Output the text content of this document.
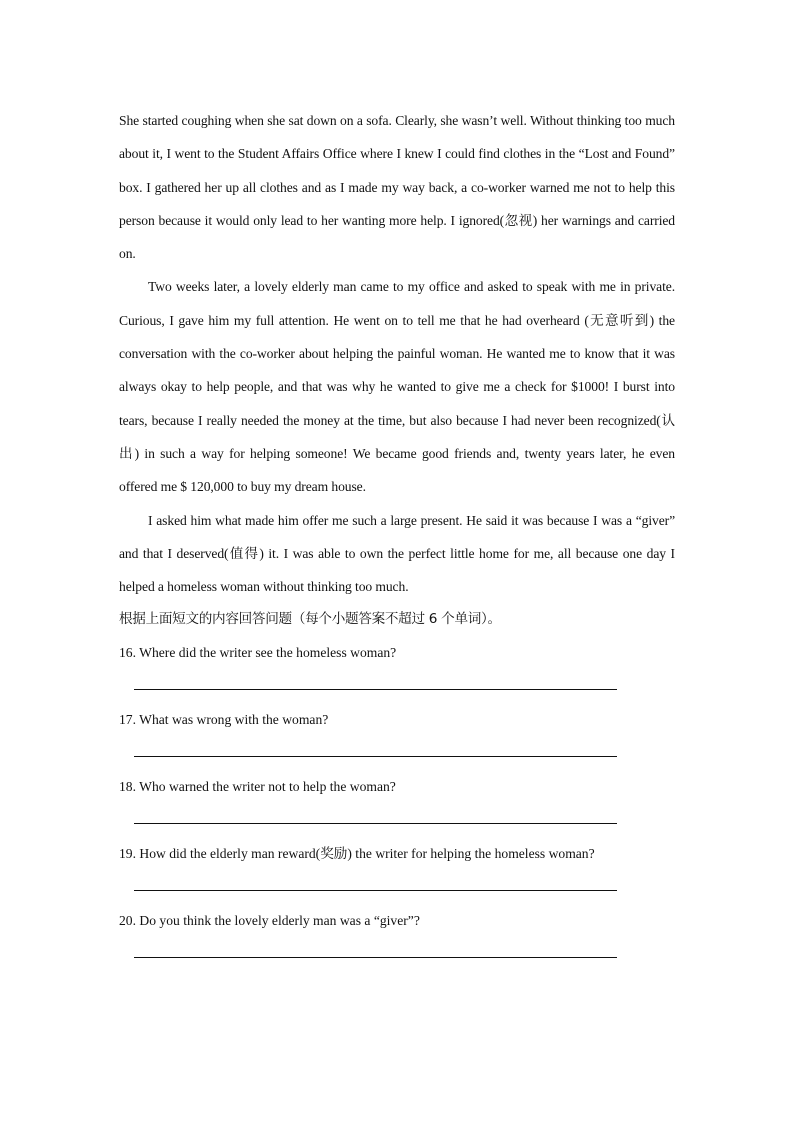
She started coughing when she sat down on a sofa. Clearly, she wasn’t well. Without thinking too much about it, I went to the Student Affairs Office where I knew I could find clothes in the “Lost and Found” box. I gathered her up all clothes and as I made my way back, a co-worker warned me not to help this person because it would only lead to her wanting more help. I ignored(忽视) her warnings and carried on.

Two weeks later, a lovely elderly man came to my office and asked to speak with me in private. Curious, I gave him my full attention. He went on to tell me that he had overheard (无意听到) the conversation with the co-worker about helping the painful woman. He wanted me to know that it was always okay to help people, and that was why he wanted to give me a check for $1000! I burst into tears, because I really needed the money at the time, but also because I had never been recognized(认出) in such a way for helping someone! We became good friends and, twenty years later, he even offered me $ 120,000 to buy my dream house.

I asked him what made him offer me such a large present. He said it was because I was a “giver” and that I deserved(值得) it. I was able to own the perfect little home for me, all because one day I helped a homeless woman without thinking too much.

根据上面短文的内容回答问题（每个小题答案不超过 6 个单词）。

16. Where did the writer see the homeless woman?

17. What was wrong with the woman?

18. Who warned the writer not to help the woman?

19. How did the elderly man reward(奖励) the writer for helping the homeless woman?

20. Do you think the lovely elderly man was a “giver”?
